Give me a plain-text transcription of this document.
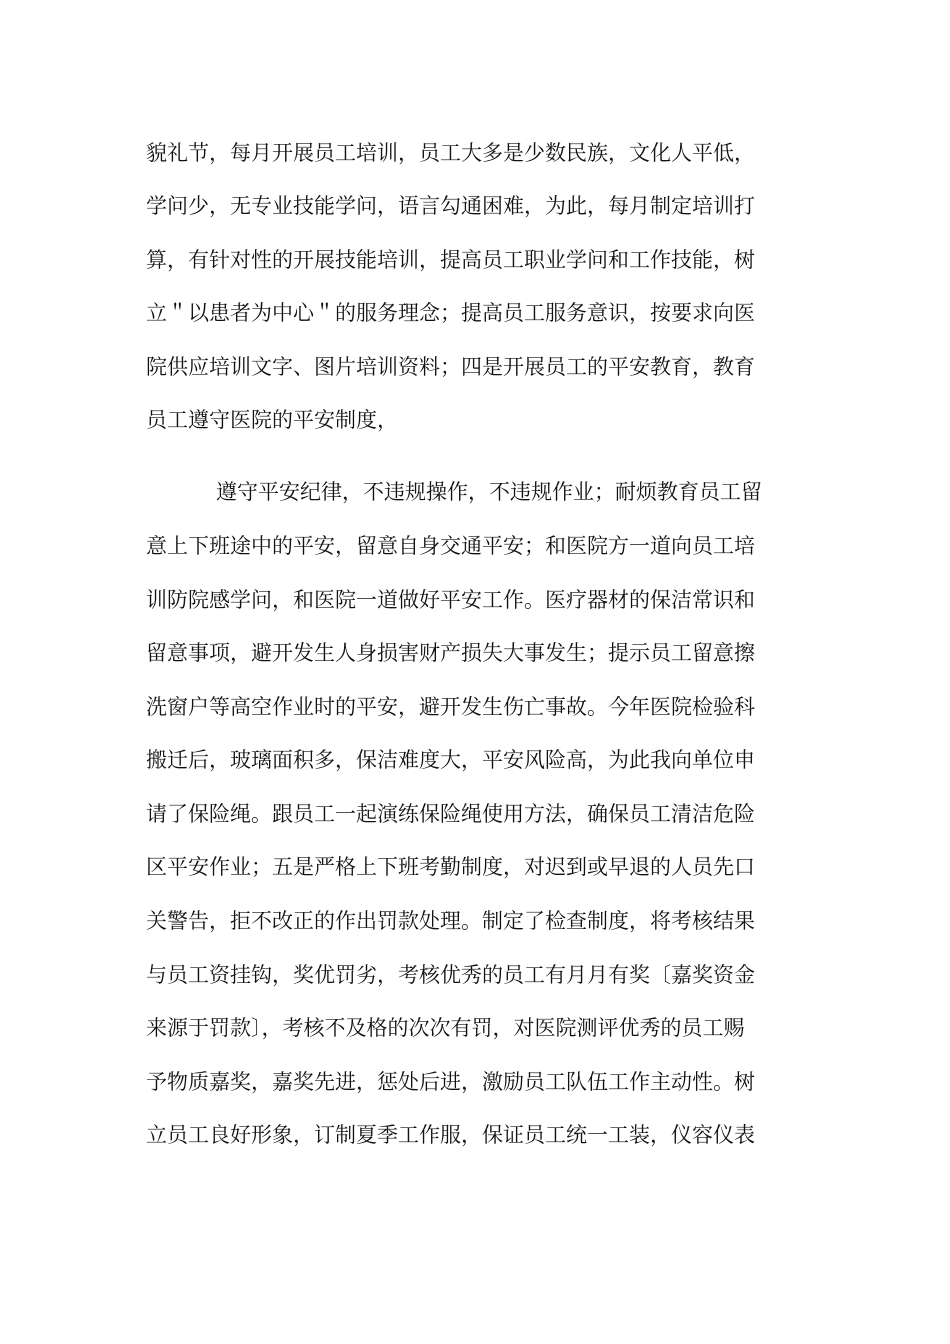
貌礼节，每月开展员工培训，员工大多是少数民族，文化人平低，
学问少，无专业技能学问，语言勾通困难，为此，每月制定培训打
算，有针对性的开展技能培训，提高员工职业学问和工作技能，树
立＂以患者为中心＂的服务理念；提高员工服务意识，按要求向医
院供应培训文字、图片培训资料；四是开展员工的平安教育，教育
员工遵守医院的平安制度，
遵守平安纪律，不违规操作，不违规作业；耐烦教育员工留
意上下班途中的平安，留意自身交通平安；和医院方一道向员工培
训防院感学问，和医院一道做好平安工作。医疗器材的保洁常识和
留意事项，避开发生人身损害财产损失大事发生；提示员工留意擦
洗窗户等高空作业时的平安，避开发生伤亡事故。今年医院检验科
搬迁后，玻璃面积多，保洁难度大，平安风险高，为此我向单位申
请了保险绳。跟员工一起演练保险绳使用方法，确保员工清洁危险
区平安作业；五是严格上下班考勤制度，对迟到或早退的人员先口
关警告，拒不改正的作出罚款处理。制定了检查制度，将考核结果
与员工资挂钩，奖优罚劣，考核优秀的员工有月月有奖〔嘉奖资金
来源于罚款〕，考核不及格的次次有罚，对医院测评优秀的员工赐
予物质嘉奖，嘉奖先进，惩处后进，激励员工队伍工作主动性。树
立员工良好形象，订制夏季工作服，保证员工统一工装，仪容仪表
